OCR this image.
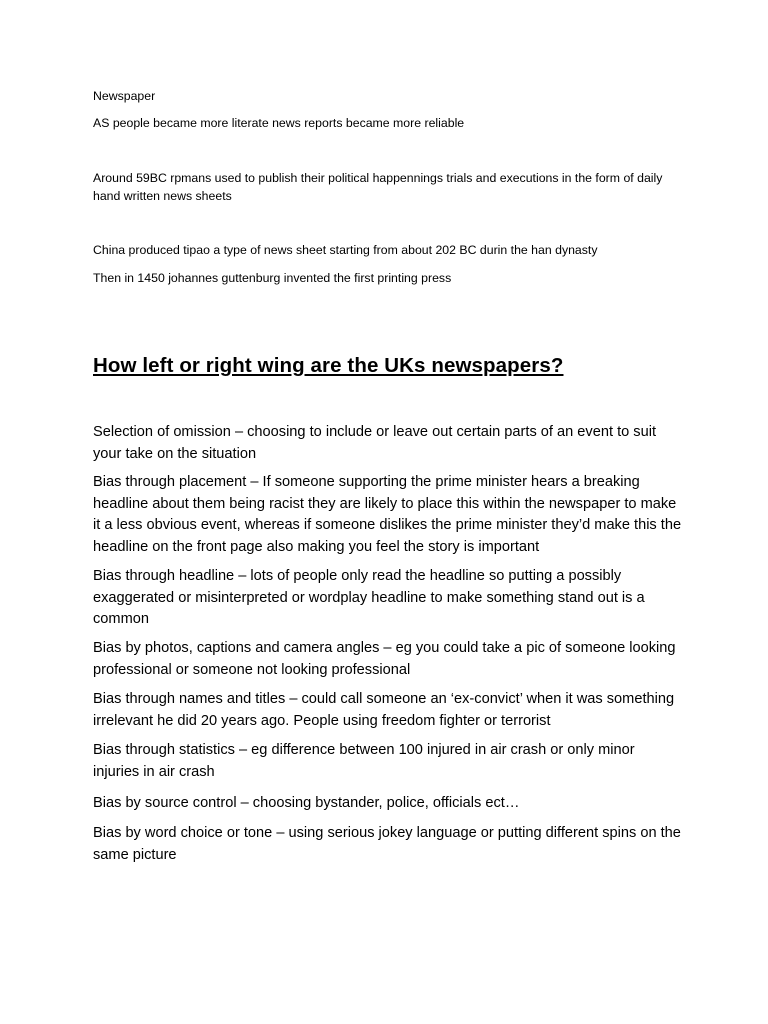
Newspaper

AS people became more literate news reports became more reliable

Around 59BC rpmans used to publish their political happennings trials and executions in the form of daily hand written news sheets

China produced tipao a type of news sheet starting from about 202 BC durin the han dynasty

Then in 1450 johannes guttenburg invented the first printing press

How left or right wing are the UKs newspapers?

Selection of omission – choosing to include or leave out certain parts of an event to suit your take on the situation

Bias through placement – If someone supporting the prime minister hears a breaking headline about them being racist they are likely to place this within the newspaper to make it a less obvious event, whereas if someone dislikes the prime minister they’d make this the headline on the front page also making you feel the story is important

Bias through headline – lots of people only read the headline so putting a possibly exaggerated or misinterpreted or wordplay headline to make something stand out is a common

Bias by photos, captions and camera angles – eg you could take a pic of someone looking professional or someone not looking professional

Bias through names and titles – could call someone an ‘ex-convict’ when it was something irrelevant he did 20 years ago. People using freedom fighter or terrorist

Bias through statistics – eg difference between 100 injured in air crash or only minor injuries in air crash

Bias by source control – choosing bystander, police, officials ect…

Bias by word choice or tone – using serious jokey language or putting different spins on the same picture
